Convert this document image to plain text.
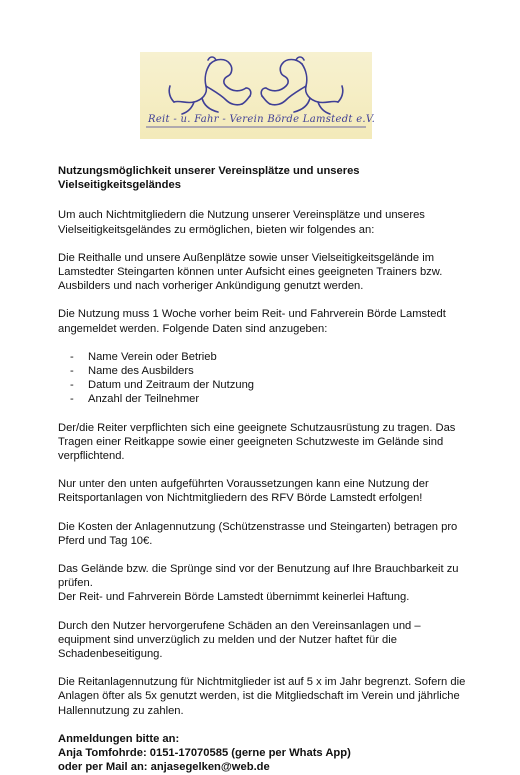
Reit - u. Fahr - Verein Börde Lamstedt e.V.

Nutzungsmöglichkeit unserer Vereinsplätze und unseres
Vielseitigkeitsgeländes

Um auch Nichtmitgliedern die Nutzung unserer Vereinsplätze und unseres Vielseitigkeitsgeländes zu ermöglichen, bieten wir folgendes an:

Die Reithalle und unsere Außenplätze sowie unser Vielseitigkeitsgelände im Lamstedter Steingarten können unter Aufsicht eines geeigneten Trainers bzw. Ausbilders und nach vorheriger Ankündigung genutzt werden.

Die Nutzung muss 1 Woche vorher beim Reit- und Fahrverein Börde Lamstedt angemeldet werden. Folgende Daten sind anzugeben:

- Name Verein oder Betrieb
- Name des Ausbilders
- Datum und Zeitraum der Nutzung
- Anzahl der Teilnehmer

Der/die Reiter verpflichten sich eine geeignete Schutzausrüstung zu tragen. Das Tragen einer Reitkappe sowie einer geeigneten Schutzweste im Gelände sind verpflichtend.

Nur unter den unten aufgeführten Voraussetzungen kann eine Nutzung der Reitsportanlagen von Nichtmitgliedern des RFV Börde Lamstedt erfolgen!

Die Kosten der Anlagennutzung (Schützenstrasse und Steingarten) betragen pro Pferd und Tag 10€.

Das Gelände bzw. die Sprünge sind vor der Benutzung auf Ihre Brauchbarkeit zu prüfen.
Der Reit- und Fahrverein Börde Lamstedt übernimmt keinerlei Haftung.

Durch den Nutzer hervorgerufene Schäden an den Vereinsanlagen und –equipment sind unverzüglich zu melden und der Nutzer haftet für die Schadenbeseitigung.

Die Reitanlagennutzung für Nichtmitglieder ist auf 5 x im Jahr begrenzt. Sofern die Anlagen öfter als 5x genutzt werden, ist die Mitgliedschaft im Verein und jährliche Hallennutzung zu zahlen.

Anmeldungen bitte an:
Anja Tomfohrde: 0151-17070585 (gerne per Whats App)
oder per Mail an: anjasegelken@web.de
